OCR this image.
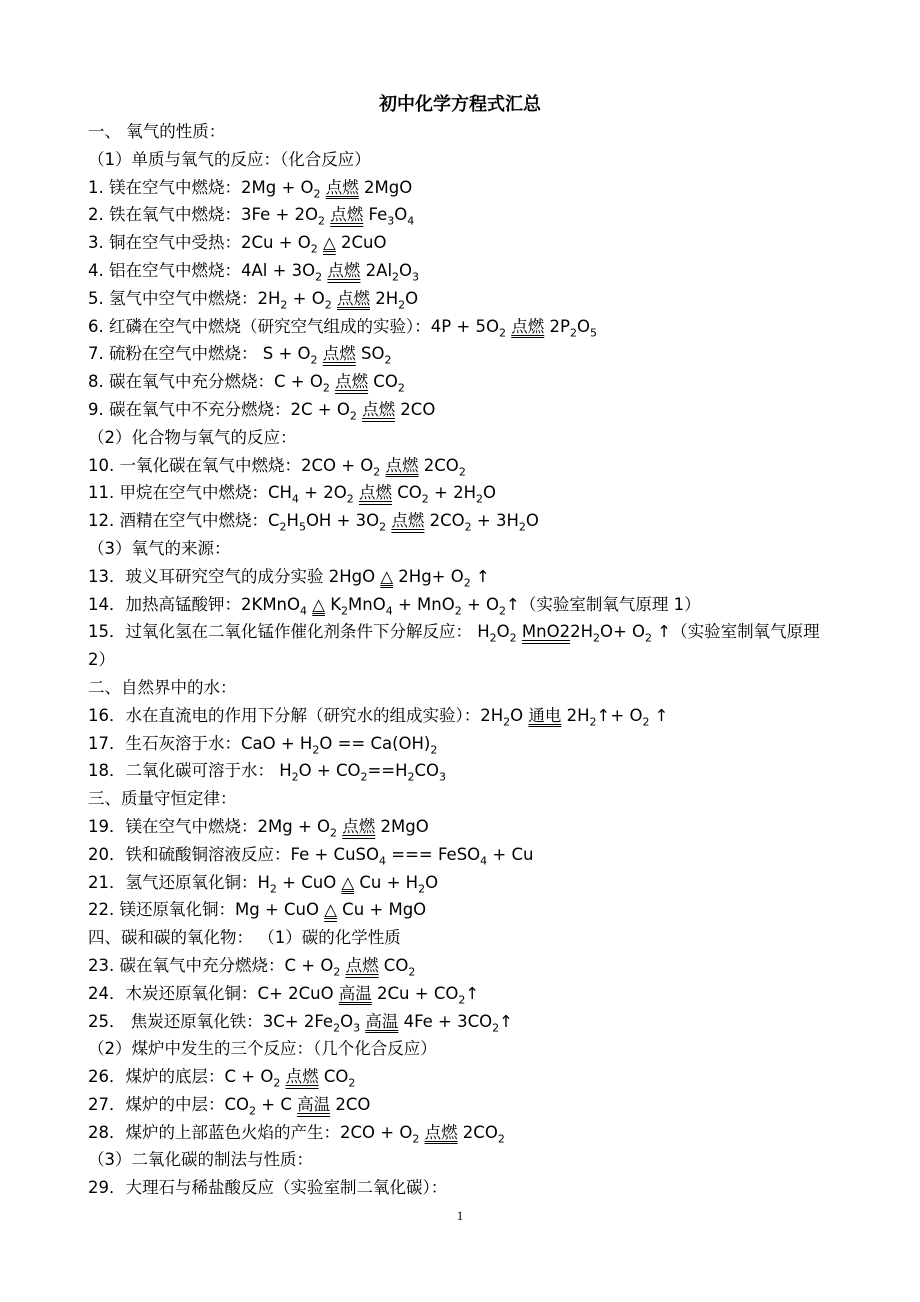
初中化学方程式汇总
一、 氧气的性质：
（1）单质与氧气的反应：（化合反应）
1. 镁在空气中燃烧：$2Mg + O_2$ 点燃 2MgO
2. 铁在氧气中燃烧：$3Fe + 2O_2$ 点燃 $Fe_3O_4$
3. 铜在空气中受热：$2Cu + O_2$ △ 2CuO
4. 铝在空气中燃烧：$4Al + 3O_2$ 点燃 $2Al_2O_3$
5. 氢气中空气中燃烧：$2H_2 + O_2$ 点燃 $2H_2O$
6. 红磷在空气中燃烧（研究空气组成的实验）：$4P + 5O_2$ 点燃 $2P_2O_5$
7. 硫粉在空气中燃烧： $S + O_2$ 点燃 $SO_2$
8. 碳在氧气中充分燃烧：$C + O_2$ 点燃 $CO_2$
9. 碳在氧气中不充分燃烧：$2C + O_2$ 点燃 2CO
（2）化合物与氧气的反应：
10. 一氧化碳在氧气中燃烧：$2CO + O_2$ 点燃 $2CO_2$
11. 甲烷在空气中燃烧：$CH_4 + 2O_2$ 点燃 $CO_2 + 2H_2O$
12. 酒精在空气中燃烧：$C_2H_5OH + 3O_2$ 点燃 $2CO_2 + 3H_2O$
（3）氧气的来源：
13．玻义耳研究空气的成分实验 2HgO △ $2Hg+ O_2$ ↑
14．加热高锰酸钾：2KMnO$_4$ △ $K_2MnO_4 + MnO_2$ + $O_2↑$（实验室制氧气原理 1）
15．过氧化氢在二氧化锰作催化剂条件下分解反应： $H_2O_2$ $MnO22H_2O+ O_2$ ↑（实验室制氧气原理 2）
二、自然界中的水：
16．水在直流电的作用下分解（研究水的组成实验）：$2H_2O$ 通电 $2H_2↑+ O_2$ ↑
17．生石灰溶于水：CaO + $H_2O == Ca(OH)_2$
18．二氧化碳可溶于水： $H_2O + CO_2==H_2CO_3$
三、质量守恒定律：
19．镁在空气中燃烧：$2Mg + O_2$ 点燃 2MgO
20．铁和硫酸铜溶液反应：Fe + CuSO$_4$ === FeSO$_4$ + Cu
21．氢气还原氧化铜：$H_2$ + CuO △ $Cu + H_2O$
22. 镁还原氧化铜：Mg + CuO △ Cu + MgO
四、碳和碳的氧化物： （1）碳的化学性质
23. 碳在氧气中充分燃烧：$C + O_2$ 点燃 $CO_2$
24．木炭还原氧化铜：C+ 2CuO 高温 $2Cu + CO_2↑$
25． 焦炭还原氧化铁：$3C+ 2Fe_2O_3$ 高温 $4Fe + 3CO_2↑$
（2）煤炉中发生的三个反应：（几个化合反应）
26．煤炉的底层：$C + O_2$ 点燃 $CO_2$
27．煤炉的中层：$CO_2 + C$ 高温 2CO
28．煤炉的上部蓝色火焰的产生：$2CO + O_2$ 点燃 $2CO_2$
（3）二氧化碳的制法与性质：
29．大理石与稀盐酸反应（实验室制二氧化碳）：
1
